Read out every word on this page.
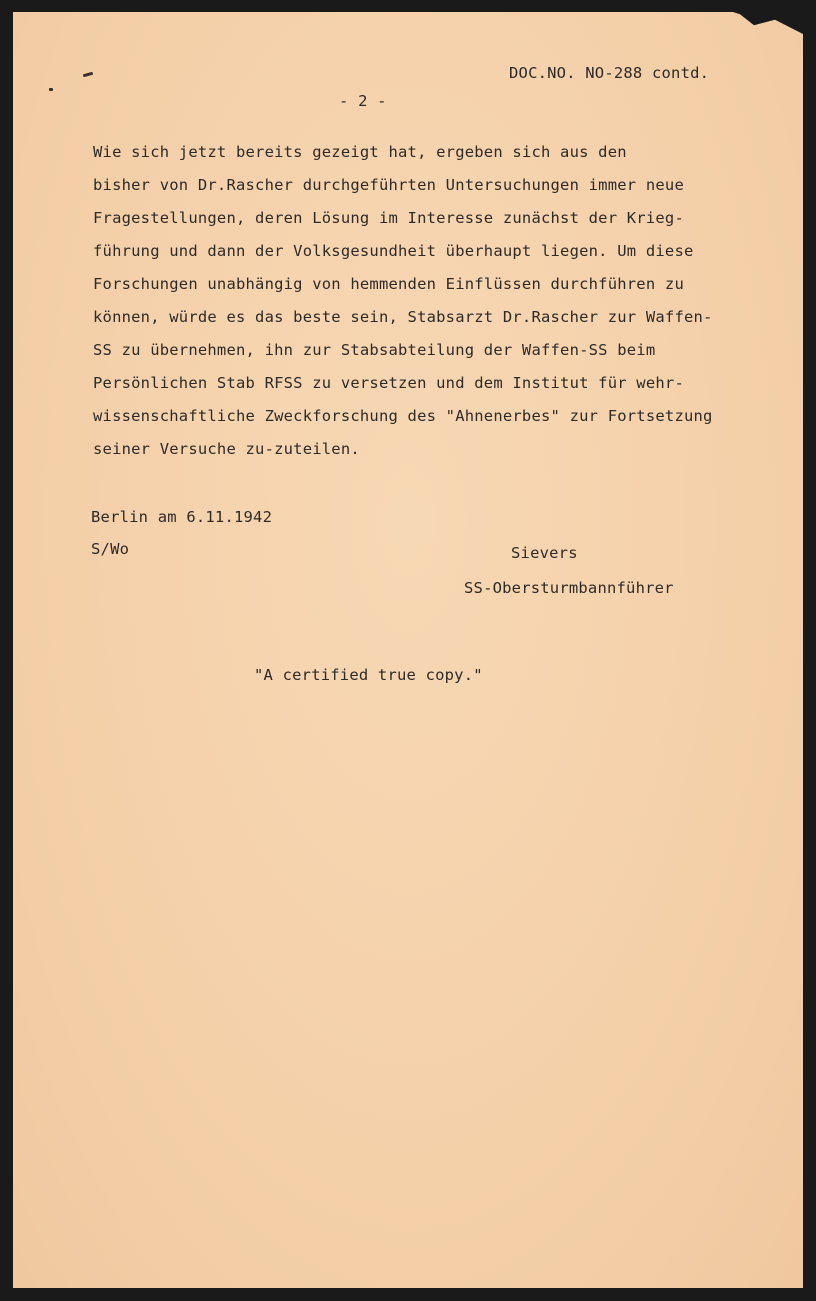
DOC.NO. NO-288 contd.
- 2 -
Wie sich jetzt bereits gezeigt hat, ergeben sich aus den
bisher von Dr.Rascher durchgeführten Untersuchungen immer neue
Fragestellungen, deren Lösung im Interesse zunächst der Krieg-
führung und dann der Volksgesundheit überhaupt liegen. Um diese
Forschungen unabhängig von hemmenden Einflüssen durchführen zu
können, würde es das beste sein, Stabsarzt Dr.Rascher zur Waffen-
SS zu übernehmen, ihn zur Stabsabteilung der Waffen-SS beim
Persönlichen Stab RFSS zu versetzen und dem Institut für wehr-
wissenschaftliche Zweckforschung des "Ahnenerbes" zur Fortsetzung
seiner Versuche zu-zuteilen.
Berlin am 6.11.1942
S/Wo	Sievers
SS-Obersturmbannführer
"A certified true copy."
